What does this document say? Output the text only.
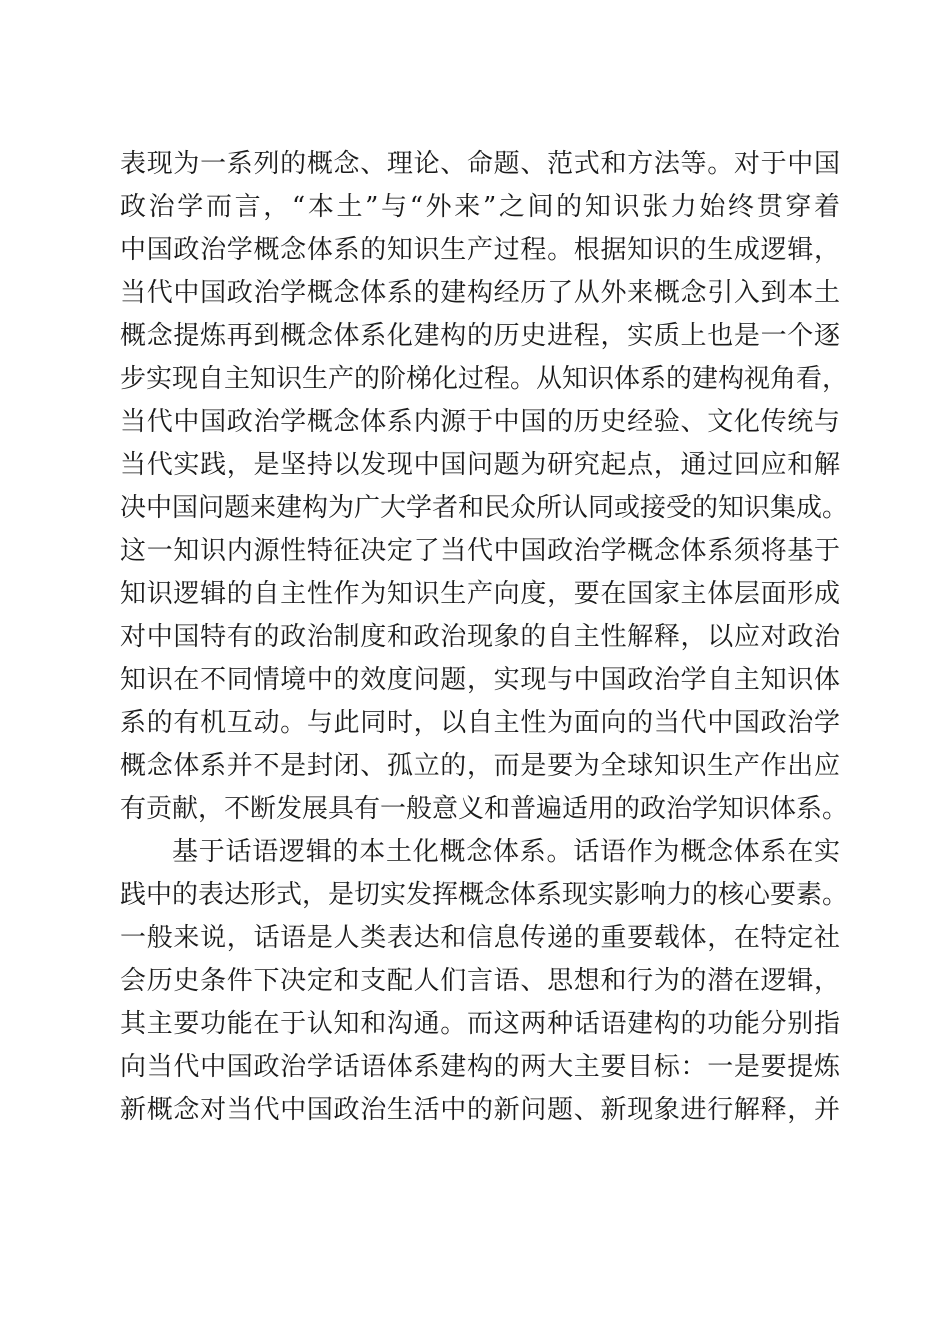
表现为一系列的概念、理论、命题、范式和方法等。对于中国
政治学而言，“本土”与“外来”之间的知识张力始终贯穿着
中国政治学概念体系的知识生产过程。根据知识的生成逻辑，
当代中国政治学概念体系的建构经历了从外来概念引入到本土
概念提炼再到概念体系化建构的历史进程，实质上也是一个逐
步实现自主知识生产的阶梯化过程。从知识体系的建构视角看，
当代中国政治学概念体系内源于中国的历史经验、文化传统与
当代实践，是坚持以发现中国问题为研究起点，通过回应和解
决中国问题来建构为广大学者和民众所认同或接受的知识集成。
这一知识内源性特征决定了当代中国政治学概念体系须将基于
知识逻辑的自主性作为知识生产向度，要在国家主体层面形成
对中国特有的政治制度和政治现象的自主性解释，以应对政治
知识在不同情境中的效度问题，实现与中国政治学自主知识体
系的有机互动。与此同时，以自主性为面向的当代中国政治学
概念体系并不是封闭、孤立的，而是要为全球知识生产作出应
有贡献，不断发展具有一般意义和普遍适用的政治学知识体系。
基于话语逻辑的本土化概念体系。话语作为概念体系在实
践中的表达形式，是切实发挥概念体系现实影响力的核心要素。
一般来说，话语是人类表达和信息传递的重要载体，在特定社
会历史条件下决定和支配人们言语、思想和行为的潜在逻辑，
其主要功能在于认知和沟通。而这两种话语建构的功能分别指
向当代中国政治学话语体系建构的两大主要目标：一是要提炼
新概念对当代中国政治生活中的新问题、新现象进行解释，并
